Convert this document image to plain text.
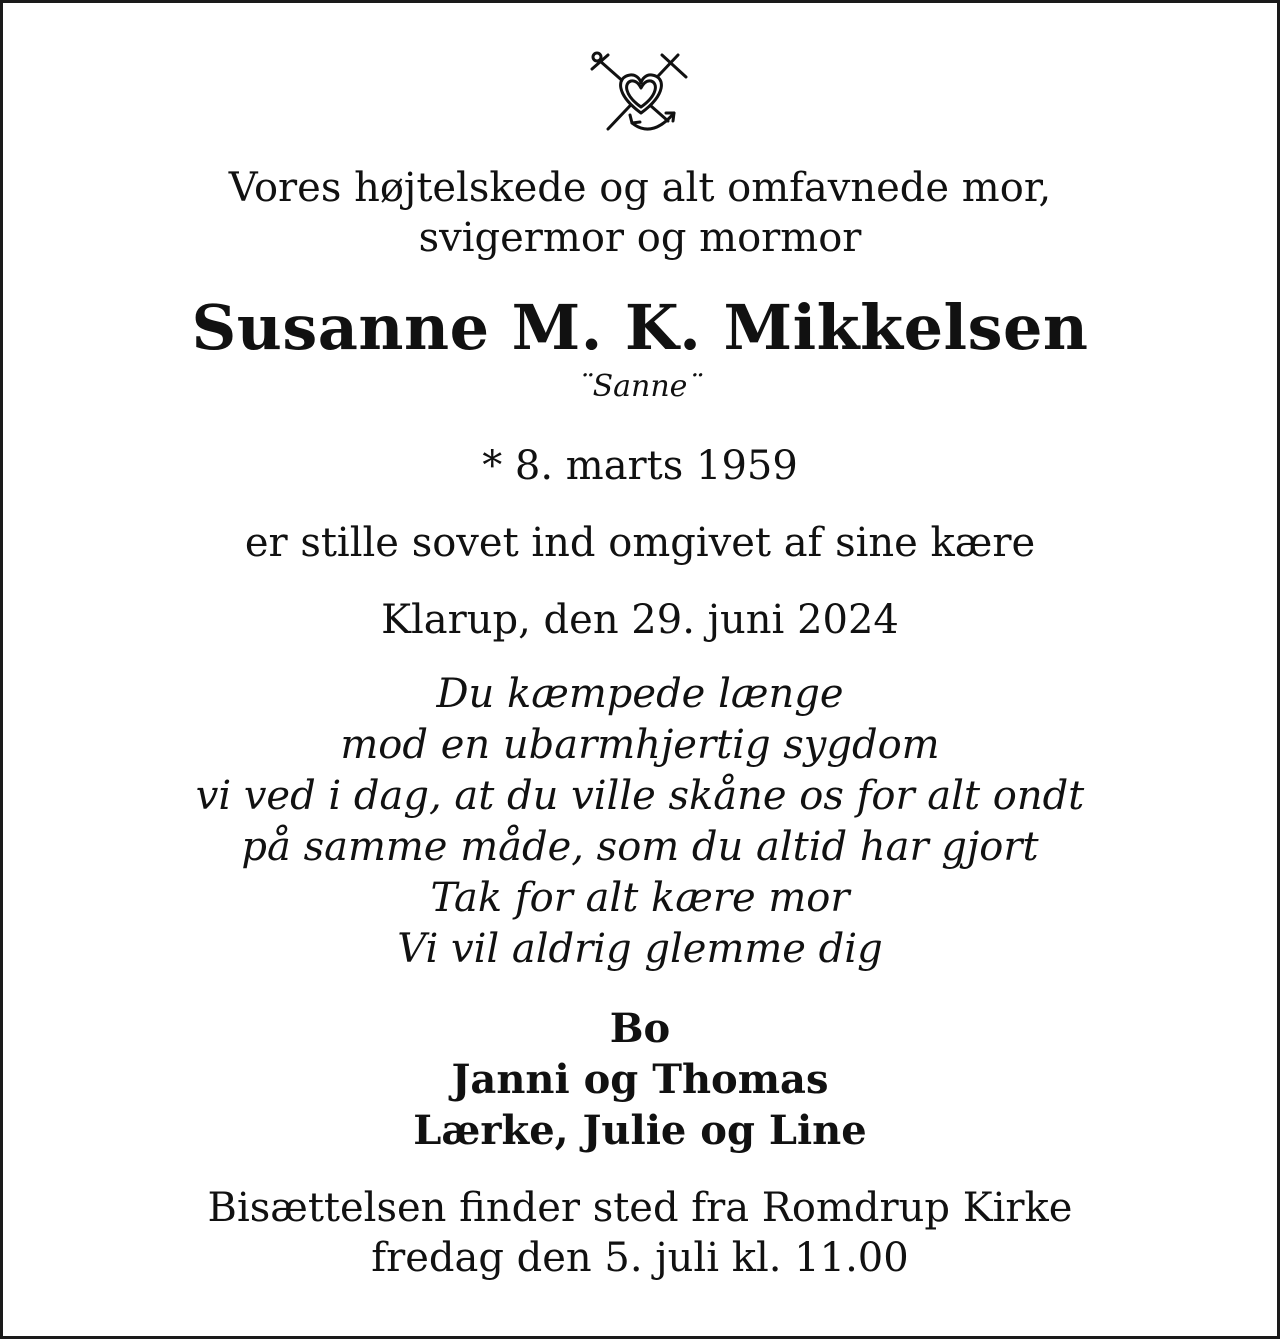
Vores højtelskede og alt omfavnede mor,
svigermor og mormor
Susanne M. K. Mikkelsen
¨Sanne¨
* 8. marts 1959
er stille sovet ind omgivet af sine kære
Klarup, den 29. juni 2024
Du kæmpede længe
mod en ubarmhjertig sygdom
vi ved i dag, at du ville skåne os for alt ondt
på samme måde, som du altid har gjort
Tak for alt kære mor
Vi vil aldrig glemme dig
Bo
Janni og Thomas
Lærke, Julie og Line
Bisættelsen finder sted fra Romdrup Kirke
fredag den 5. juli kl. 11.00
